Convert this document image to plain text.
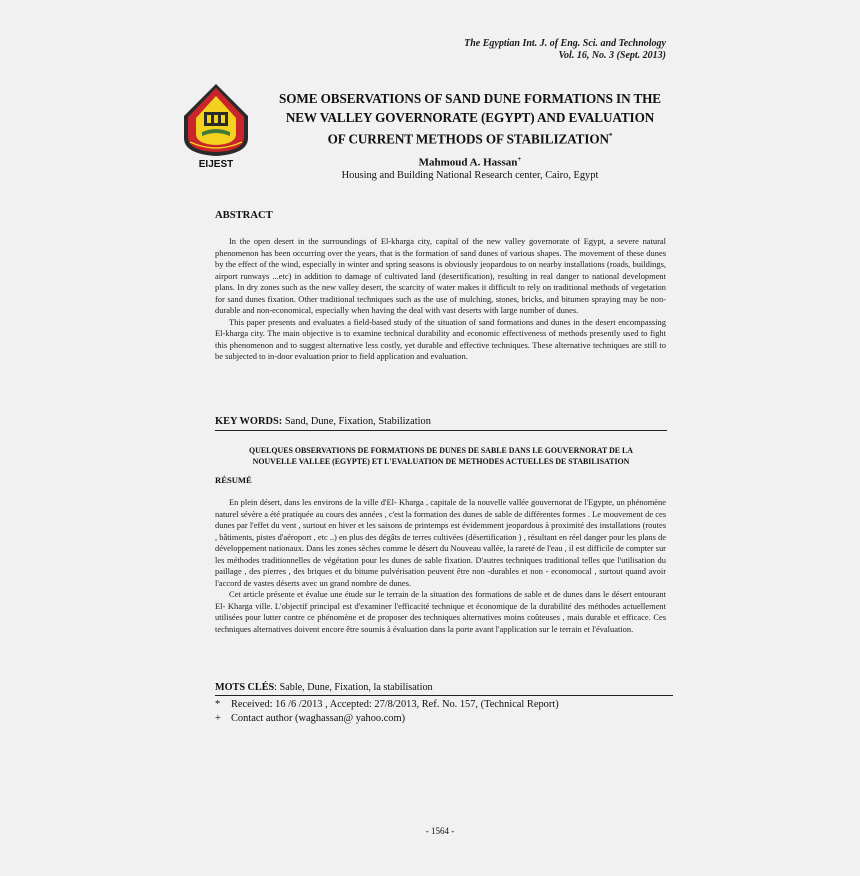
The Egyptian Int. J. of Eng. Sci. and Technology
Vol. 16, No. 3 (Sept. 2013)
EIJEST
SOME OBSERVATIONS OF SAND DUNE FORMATIONS IN THE
NEW VALLEY GOVERNORATE (EGYPT) AND EVALUATION
OF CURRENT METHODS OF STABILIZATION*
Mahmoud A. Hassan+
Housing and Building National Research center, Cairo, Egypt
ABSTRACT

In the open desert in the surroundings of El-kharga city, capital of the new valley governorate of Egypt, a severe natural phenomenon has been occurring over the years, that is the formation of sand dunes of various shapes. The movement of these dunes by the effect of the wind, especially in winter and spring seasons is obviously jeopardous to on nearby installations (roads, buildings, airport runways ...etc) in addition to damage of cultivated land (desertification), resulting in real danger to national development plans. In dry zones such as the new valley desert, the scarcity of water makes it difficult to rely on traditional methods of vegetation for sand dunes fixation. Other traditional techniques such as the use of mulching, stones, bricks, and bitumen spraying may be non-durable and non-economical, especially when having the deal with vast deserts with large number of dunes.

This paper presents and evaluates a field-based study of the situation of sand formations and dunes in the desert encompassing El-kharga city. The main objective is to examine technical durability and economic effectiveness of methods presently used to fight this phenomenon and to suggest alternative less costly, yet durable and effective techniques. These alternative techniques are still to be subjected to in-door evaluation prior to field application and evaluation.

KEY WORDS: Sand, Dune, Fixation, Stabilization
QUELQUES OBSERVATIONS DE FORMATIONS DE DUNES DE SABLE DANS LE GOUVERNORAT DE LA
NOUVELLE VALLEE (EGYPTE) ET L'EVALUATION DE METHODES ACTUELLES DE STABILISATION
RÉSUMÉ

En plein désert, dans les environs de la ville d'El- Kharga , capitale de la nouvelle vallée gouvernorat de l'Egypte, un phénomène naturel sévère a été pratiquée au cours des années , c'est la formation des dunes de sable de différentes formes . Le mouvement de ces dunes par l'effet du vent , surtout en hiver et les saisons de printemps est évidemment jeopardous à proximité des installations (routes , bâtiments, pistes d'aéroport , etc ..) en plus des dégâts de terres cultivées (désertification ) , résultant en réel danger pour les plans de développement nationaux. Dans les zones sèches comme le désert du Nouveau vallée, la rareté de l'eau , il est difficile de compter sur les méthodes traditionnelles de végétation pour les dunes de sable fixation. D'autres techniques traditional telles que l'utilisation du paillage , des pierres , des briques et du bitume pulvérisation peuvent être non -durables et non - economocal , surtout quand avoir l'accord de vastes déserts avec un grand nombre de dunes.

Cet article présente et évalue une étude sur le terrain de la situation des formations de sable et de dunes dans le désert entourant El- Kharga ville. L'objectif principal est d'examiner l'efficacité technique et économique de la durabilité des méthodes actuellement utilisées pour lutter contre ce phénomène et de proposer des techniques alternatives moins coûteuses , mais durable et efficace. Ces techniques alternatives doivent encore être soumis à évaluation dans la porte avant l'application sur le terrain et l'évaluation.

MOTS CLÉS: Sable, Dune, Fixation, la stabilisation
*	Received: 16 /6 /2013 , Accepted: 27/8/2013, Ref. No. 157, (Technical Report)
+ Contact author (waghassan@ yahoo.com)
- 1564 -
